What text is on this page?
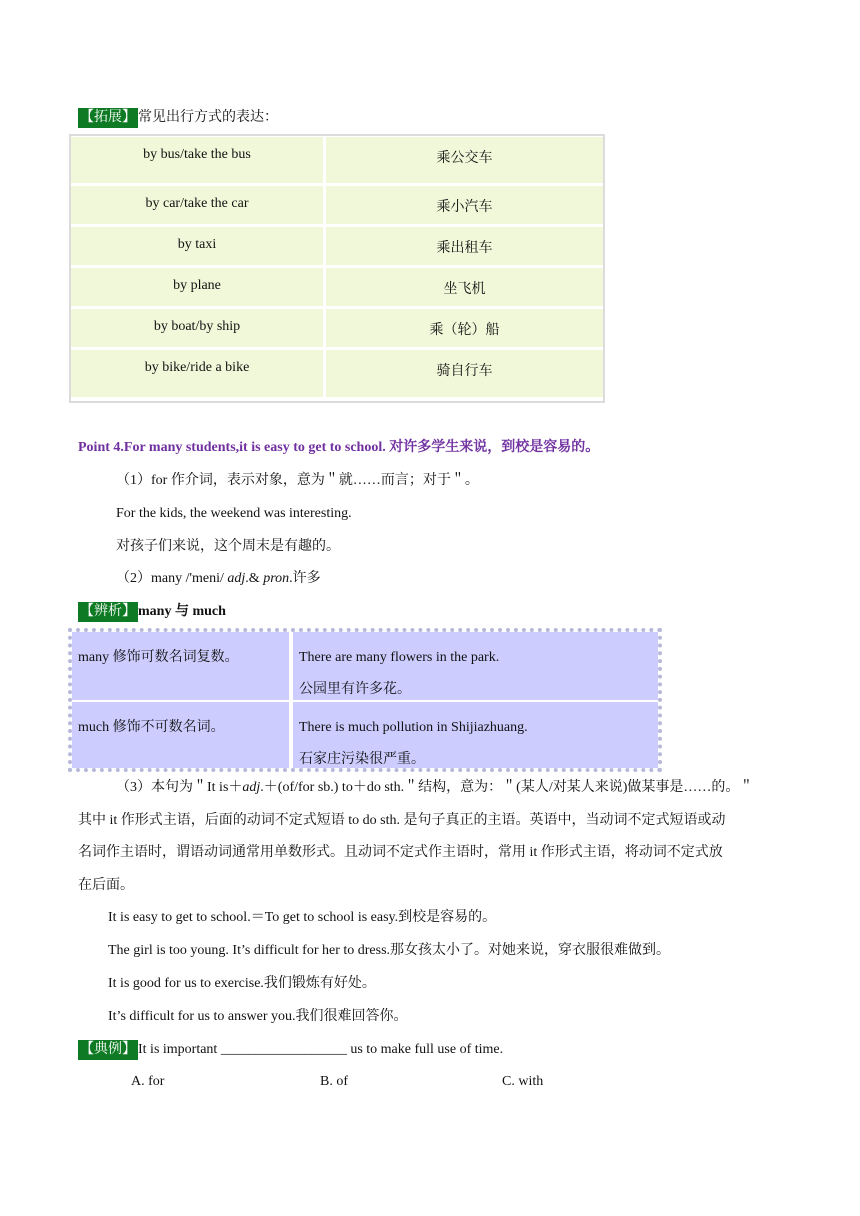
【拓展】 常见出行方式的表达：
by bus/take the bus	乘公交车
by car/take the car	乘小汽车
by taxi	乘出租车
by plane	坐飞机
by boat/by ship	乘（轮）船
by bike/ride a bike	骑自行车
Point 4.For many students,it is easy to get to school. 对许多学生来说，到校是容易的。
（1）for 作介词，表示对象，意为＂就……而言；对于＂。
For the kids, the weekend was interesting.
对孩子们来说，这个周末是有趣的。
（2）many /'meni/ adj.& pron.许多
【辨析】 many 与 much

many 修饰可数名词复数。	There are many flowers in the park.

公园里有许多花。

much 修饰不可数名词。	There is much pollution in Shijiazhuang.

石家庄污染很严重。

（3）本句为＂It is＋adj.＋(of/for sb.) to＋do sth.＂结构，意为：＂(某人/对某人来说)做某事是……的。＂
其中 it 作形式主语，后面的动词不定式短语 to do sth. 是句子真正的主语。英语中，当动词不定式短语或动
名词作主语时，谓语动词通常用单数形式。且动词不定式作主语时，常用 it 作形式主语，将动词不定式放
在后面。
It is easy to get to school.＝To get to school is easy.到校是容易的。
The girl is too young. It’s difficult for her to dress.那女孩太小了。对她来说，穿衣服很难做到。
It is good for us to exercise.我们锻炼有好处。
It’s difficult for us to answer you.我们很难回答你。
【典例】 It is important __________________ us to make full use of time.
A. for	B. of	C. with
